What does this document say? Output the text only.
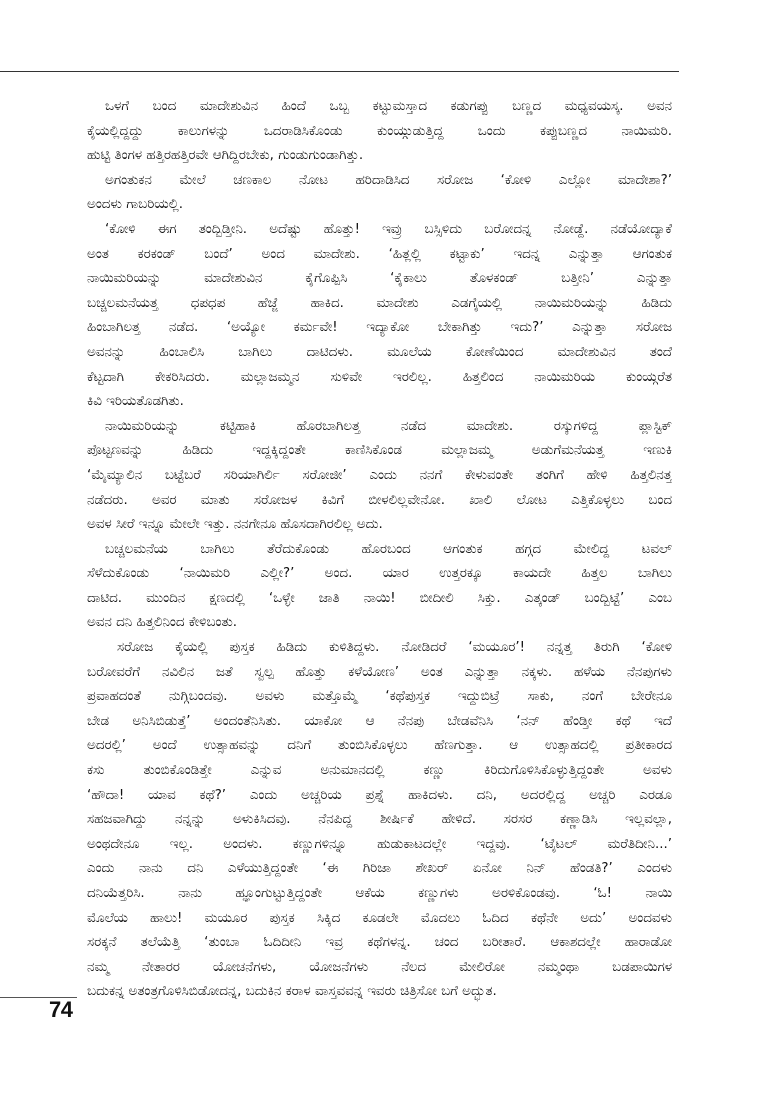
ಒಳಗೆ ಬಂದ ಮಾದೇಶುವಿನ ಹಿಂದೆ ಒಬ್ಬ ಕಟ್ಟುಮಸ್ತಾದ ಕಡುಗಪ್ಪು ಬಣ್ಣದ ಮಧ್ಯವಯಸ್ಕ. ಅವನ
ಕೈಯಲ್ಲಿದ್ದದ್ದು ಕಾಲುಗಳನ್ನು ಒದರಾಡಿಸಿಕೊಂಡು ಕುಂಯ್ಗುಡುತ್ತಿದ್ದ ಒಂದು ಕಪ್ಪುಬಣ್ಣದ ನಾಯಿಮರಿ.
ಹುಟ್ಟಿ ತಿಂಗಳ ಹತ್ತಿರಹತ್ತಿರವೇ ಆಗಿದ್ದಿರಬೇಕು, ಗುಂಡುಗುಂಡಾಗಿತ್ತು.
ಅಗಂತುಕನ ಮೇಲೆ ಚಣಕಾಲ ನೋಟ ಹರಿದಾಡಿಸಿದ ಸರೋಜ ‘ಕೋಳಿ ಎಲ್ಲೋ ಮಾದೇಶಾ?’
ಅಂದಳು ಗಾಬರಿಯಲ್ಲಿ.
‘ಕೋಳಿ ಈಗ ತಂದ್ಬಿಡ್ತೀನಿ. ಅದೆಷ್ಟು ಹೊತ್ತು! ಇವ್ರು ಬಸ್ಸಿಳಿದು ಬರೋದನ್ನ ನೋಡ್ದೆ. ನಡೆಯೋದ್ಯಾಕೆ
ಅಂತ ಕರಕಂಡ್ ಬಂದೆ’ ಅಂದ ಮಾದೇಶು. ‘ಹಿತ್ಲಲ್ಲಿ ಕಟ್ಟಾಕು’ ಇದನ್ನ ಎನ್ನುತ್ತಾ ಆಗಂತುಕ
ನಾಯಿಮರಿಯನ್ನು ಮಾದೇಶುವಿನ ಕೈಗೊಪ್ಪಿಸಿ ‘ಕೈಕಾಲು ತೊಳಕಂಡ್ ಬತ್ತೀನಿ’ ಎನ್ನುತ್ತಾ
ಬಚ್ಚಲಮನೆಯತ್ತ ಧಪಧಪ ಹೆಜ್ಜೆ ಹಾಕಿದ. ಮಾದೇಶು ಎಡಗೈಯಲ್ಲಿ ನಾಯಿಮರಿಯನ್ನು ಹಿಡಿದು
ಹಿಂಬಾಗಿಲತ್ತ ನಡೆದ. ‘ಅಯ್ಯೋ ಕರ್ಮವೇ! ಇದ್ಯಾಕೋ ಬೇಕಾಗಿತ್ತು ಇದು?’ ಎನ್ನುತ್ತಾ ಸರೋಜ
ಅವನನ್ನು ಹಿಂಬಾಲಿಸಿ ಬಾಗಿಲು ದಾಟಿದಳು. ಮೂಲೆಯ ಕೋಣೆಯಿಂದ ಮಾದೇಶುವಿನ ತಂದೆ
ಕೆಟ್ಟದಾಗಿ ಕೇಕರಿಸಿದರು. ಮಲ್ಲಾಜಮ್ಮನ ಸುಳಿವೇ ಇರಲಿಲ್ಲ. ಹಿತ್ತಲಿಂದ ನಾಯಿಮರಿಯ ಕುಂಯ್ಗರೆತ
ಕಿವಿ ಇರಿಯತೊಡಗಿತು.
ನಾಯಿಮರಿಯನ್ನು ಕಟ್ಟಿಹಾಕಿ ಹೊರಬಾಗಿಲತ್ತ ನಡೆದ ಮಾದೇಶು. ರಸ್ಕುಗಳಿದ್ದ ಪ್ಲಾಸ್ಟಿಕ್
ಪೊಟ್ಟಣವನ್ನು ಹಿಡಿದು ಇದ್ದಕ್ಕಿದ್ದಂತೇ ಕಾಣಿಸಿಕೊಂಡ ಮಲ್ಲಾಜಮ್ಮ ಅಡುಗೆಮನೆಯತ್ತ ಇಣುಕಿ
‘ಮೈಮ್ಯಾಲಿನ ಬಟ್ಟೆಬರೆ ಸರಿಯಾಗಿರ್ಲಿ ಸರೋಜೀ’ ಎಂದು ನನಗೆ ಕೇಳುವಂತೇ ತಂಗಿಗೆ ಹೇಳಿ ಹಿತ್ತಲಿನತ್ತ
ನಡೆದರು. ಅವರ ಮಾತು ಸರೋಜಳ ಕಿವಿಗೆ ಬೀಳಲಿಲ್ಲವೇನೋ. ಖಾಲಿ ಲೋಟ ಎತ್ತಿಕೊಳ್ಳಲು ಬಂದ
ಅವಳ ಸೀರೆ ಇನ್ನೂ ಮೇಲೇ ಇತ್ತು. ನನಗೇನೂ ಹೊಸದಾಗಿರಲಿಲ್ಲ ಅದು.
ಬಚ್ಚಲಮನೆಯ ಬಾಗಿಲು ತೆರೆದುಕೊಂಡು ಹೊರಬಂದ ಆಗಂತುಕ ಹಗ್ಗದ ಮೇಲಿದ್ದ ಟವಲ್
ಸೆಳೆದುಕೊಂಡು ‘ನಾಯಿಮರಿ ಎಲ್ಲೀ?’ ಅಂದ. ಯಾರ ಉತ್ತರಕ್ಕೂ ಕಾಯದೇ ಹಿತ್ತಲ ಬಾಗಿಲು
ದಾಟಿದ. ಮುಂದಿನ ಕ್ಷಣದಲ್ಲಿ ‘ಒಳ್ಳೇ ಜಾತಿ ನಾಯಿ! ಬೀದೀಲಿ ಸಿಕ್ತು. ಎತ್ಕಂಡ್ ಬಂದ್ಬಿಟ್ಟೆ’ ಎಂಬ
ಅವನ ದನಿ ಹಿತ್ತಲಿನಿಂದ ಕೇಳಿಬಂತು.
ಸರೋಜ ಕೈಯಲ್ಲಿ ಪುಸ್ತಕ ಹಿಡಿದು ಕುಳಿತಿದ್ದಳು. ನೋಡಿದರೆ ‘ಮಯೂರ’! ನನ್ನತ್ತ ತಿರುಗಿ ‘ಕೋಳಿ
ಬರೋವರೆಗೆ ನವಿಲಿನ ಜತೆ ಸ್ವಲ್ಪ ಹೊತ್ತು ಕಳೆಯೋಣ’ ಅಂತ ಎನ್ನುತ್ತಾ ನಕ್ಕಳು. ಹಳೆಯ ನೆನಪುಗಳು
ಪ್ರವಾಹದಂತೆ ನುಗ್ಗಿಬಂದವು. ಅವಳು ಮತ್ತೊಮ್ಮೆ ‘ಕಥೆಪುಸ್ತಕ ಇದ್ದುಬಿಟ್ರೆ ಸಾಕು, ನಂಗೆ ಬೇರೇನೂ
ಬೇಡ ಅನಿಸಿಬಿಡುತ್ತೆ’ ಅಂದಂತೆನಿಸಿತು. ಯಾಕೋ ಆ ನೆನಪು ಬೇಡವೆನಿಸಿ ‘ನನ್ ಹೆಂಡ್ತೀ ಕಥೆ ಇದೆ
ಅದರಲ್ಲಿ’ ಅಂದೆ ಉತ್ಸಾಹವನ್ನು ದನಿಗೆ ತುಂಬಿಸಿಕೊಳ್ಳಲು ಹೆಣಗುತ್ತಾ. ಆ ಉತ್ಸಾಹದಲ್ಲಿ ಪ್ರತೀಕಾರದ
ಕಸು ತುಂಬಿಕೊಂಡಿತ್ತೇ ಎನ್ನುವ ಅನುಮಾನದಲ್ಲಿ ಕಣ್ಣು ಕಿರಿದುಗೊಳಿಸಿಕೊಳ್ಳುತ್ತಿದ್ದಂತೇ ಅವಳು
‘ಹೌದಾ! ಯಾವ ಕಥೆ?’ ಎಂದು ಅಚ್ಚರಿಯ ಪ್ರಶ್ನೆ ಹಾಕಿದಳು. ದನಿ, ಅದರಲ್ಲಿದ್ದ ಅಚ್ಚರಿ ಎರಡೂ
ಸಹಜವಾಗಿದ್ದು ನನ್ನನ್ನು ಅಳುಕಿಸಿದವು. ನೆನಪಿದ್ದ ಶೀರ್ಷಿಕೆ ಹೇಳಿದೆ. ಸರಸರ ಕಣ್ಣಾಡಿಸಿ ಇಲ್ಲವಲ್ಲಾ,
ಅಂಥದೇನೂ ಇಲ್ಲ. ಅಂದಳು. ಕಣ್ಣುಗಳಿನ್ನೂ ಹುಡುಕಾಟದಲ್ಲೇ ಇದ್ದವು. ‘ಟೈಟಲ್ ಮರೆತಿದೀನಿ...’
ಎಂದು ನಾನು ದನಿ ಎಳೆಯುತ್ತಿದ್ದಂತೇ ‘ಈ ಗಿರಿಜಾ ಶೇಖರ್ ಏನೋ ನಿನ್ ಹೆಂಡತಿ?’ ಎಂದಳು
ದನಿಯೆತ್ತರಿಸಿ. ನಾನು ಹ್ಞೂಂಗುಟ್ಟುತ್ತಿದ್ದಂತೇ ಆಕೆಯ ಕಣ್ಣುಗಳು ಅರಳಿಕೊಂಡವು. ‘ಓ! ನಾಯಿ
ಮೊಲೆಯ ಹಾಲು! ಮಯೂರ ಪುಸ್ತಕ ಸಿಕ್ಕಿದ ಕೂಡಲೇ ಮೊದಲು ಓದಿದ ಕಥೆನೇ ಅದು’ ಅಂದವಳು
ಸರಕ್ಕನೆ ತಲೆಯೆತ್ತಿ ‘ತುಂಬಾ ಓದಿದೀನಿ ಇವ್ರ ಕಥೆಗಳನ್ನ. ಚಂದ ಬರೀತಾರೆ. ಆಕಾಶದಲ್ಲೇ ಹಾರಾಡೋ
ನಮ್ಮ ನೇತಾರರ ಯೋಚನೆಗಳು, ಯೋಜನೆಗಳು ನೆಲದ ಮೇಲಿರೋ ನಮ್ಮಂಥಾ ಬಡಪಾಯಿಗಳ
ಬದುಕನ್ನ ಅತಂತ್ರಗೊಳಿಸಿಬಿಡೋದನ್ನ, ಬದುಕಿನ ಕರಾಳ ವಾಸ್ತವವನ್ನ ಇವರು ಚಿತ್ರಿಸೋ ಬಗೆ ಅದ್ಭುತ.
74
